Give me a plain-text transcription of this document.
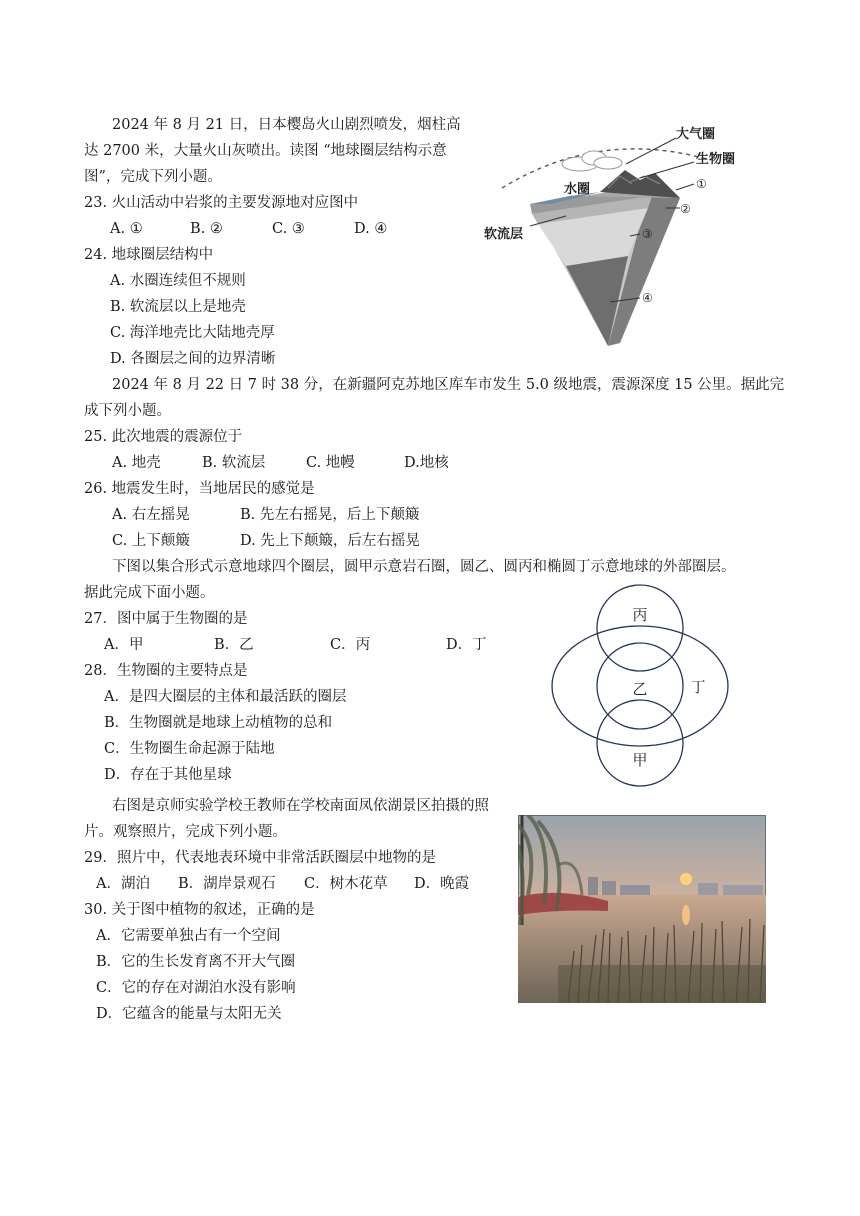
2024 年 8 月 21 日，日本樱岛火山剧烈喷发，烟柱高
达 2700 米，大量火山灰喷出。读图 “地球圈层结构示意
图”，完成下列小题。
23. 火山活动中岩浆的主要发源地对应图中
A. ①	B. ②	C. ③	D. ④
24. 地球圈层结构中
A. 水圈连续但不规则
B. 软流层以上是地壳
C. 海洋地壳比大陆地壳厚
D. 各圈层之间的边界清晰
大气圈
生物圈
水圈
软流层
①
②
③
④
2024 年 8 月 22 日 7 时 38 分，在新疆阿克苏地区库车市发生 5.0 级地震，震源深度 15 公里。据此完
成下列小题。
25. 此次地震的震源位于
A. 地壳	B. 软流层	C. 地幔	D.地核
26. 地震发生时，当地居民的感觉是
A. 右左摇晃	B. 先左右摇晃，后上下颠簸
C. 上下颠簸	D. 先上下颠簸，后左右摇晃
下图以集合形式示意地球四个圈层，圆甲示意岩石圈，圆乙、圆丙和椭圆丁示意地球的外部圈层。
据此完成下面小题。
27．图中属于生物圈的是
A．甲	B．乙	C．丙	D．丁
28．生物圈的主要特点是
A．是四大圈层的主体和最活跃的圈层
B．生物圈就是地球上动植物的总和
C．生物圈生命起源于陆地
D．存在于其他星球
丙
乙	丁
甲
右图是京师实验学校王教师在学校南面凤依湖景区拍摄的照
片。观察照片，完成下列小题。
29．照片中，代表地表环境中非常活跃圈层中地物的是
A．湖泊 B．湖岸景观石 C．树木花草 D．晚霞
30. 关于图中植物的叙述，正确的是
A．它需要单独占有一个空间
B．它的生长发育离不开大气圈
C．它的存在对湖泊水没有影响
D．它蕴含的能量与太阳无关
